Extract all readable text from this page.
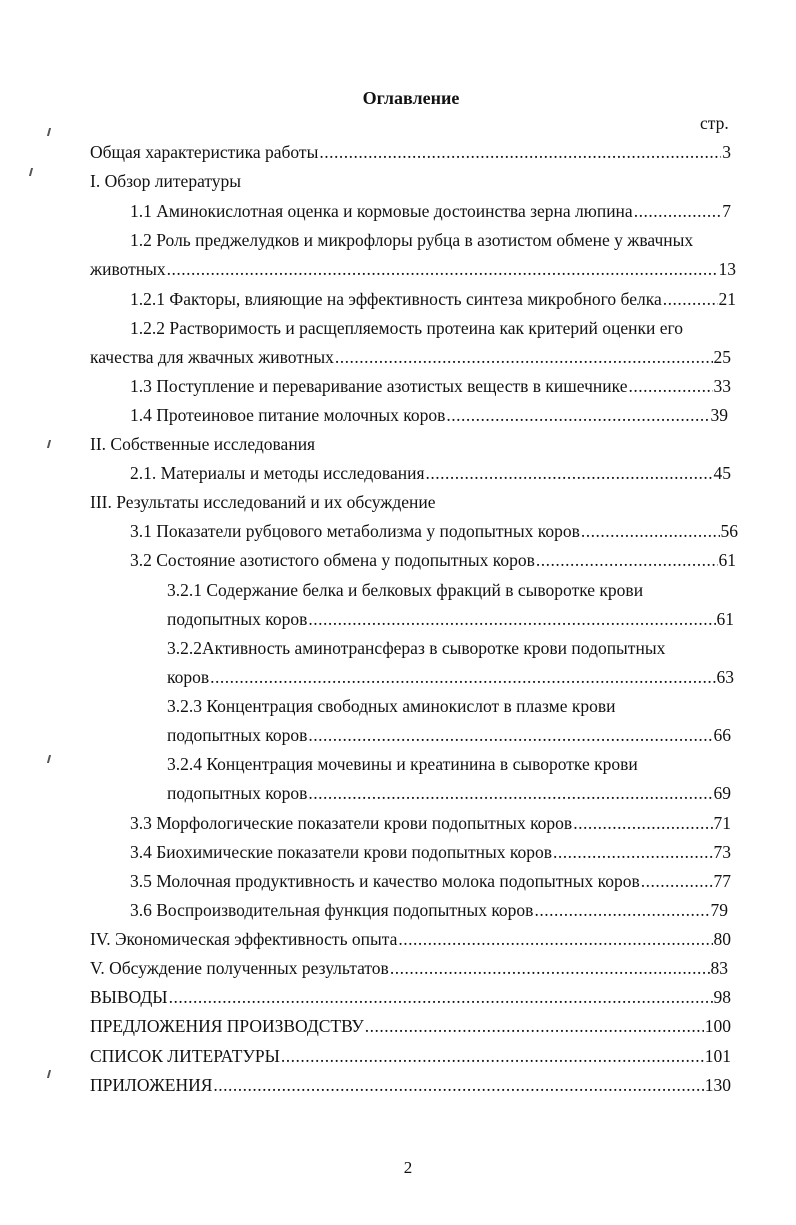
Оглавление
стр.
Общая характеристика работы .....	3
I. Обзор литературы
1.1 Аминокислотная оценка и кормовые достоинства зерна люпина .....	7
1.2 Роль преджелудков и микрофлоры рубца в азотистом обмене у жвачных
животных .....	13
1.2.1 Факторы, влияющие на эффективность синтеза микробного белка .....	21
1.2.2 Растворимость и расщепляемость протеина как критерий оценки его
качества для жвачных животных .....	25
1.3 Поступление и переваривание азотистых веществ в кишечнике .....	33
1.4 Протеиновое питание молочных коров .....	39
II. Собственные исследования
2.1. Материалы и методы исследования .....	45
III. Результаты исследований и их обсуждение
3.1 Показатели рубцового метаболизма у подопытных коров .....	56
3.2 Состояние азотистого обмена у подопытных коров .....	61
3.2.1 Содержание белка и белковых фракций в сыворотке крови
подопытных коров .....	61
3.2.2Активность аминотрансфераз в сыворотке крови подопытных
коров .....	63
3.2.3 Концентрация свободных аминокислот в плазме крови
подопытных коров .....	66
3.2.4 Концентрация мочевины и креатинина в сыворотке крови
подопытных коров .....	69
3.3 Морфологические показатели крови подопытных коров .....	71
3.4 Биохимические показатели крови подопытных коров .....	73
3.5 Молочная продуктивность и качество молока подопытных коров .....	77
3.6 Воспроизводительная функция подопытных коров .....	79
IV. Экономическая эффективность опыта .....	80
V. Обсуждение полученных результатов .....	83
ВЫВОДЫ .....	98
ПРЕДЛОЖЕНИЯ ПРОИЗВОДСТВУ .....	100
СПИСОК ЛИТЕРАТУРЫ .....	101
ПРИЛОЖЕНИЯ .....	130
2
